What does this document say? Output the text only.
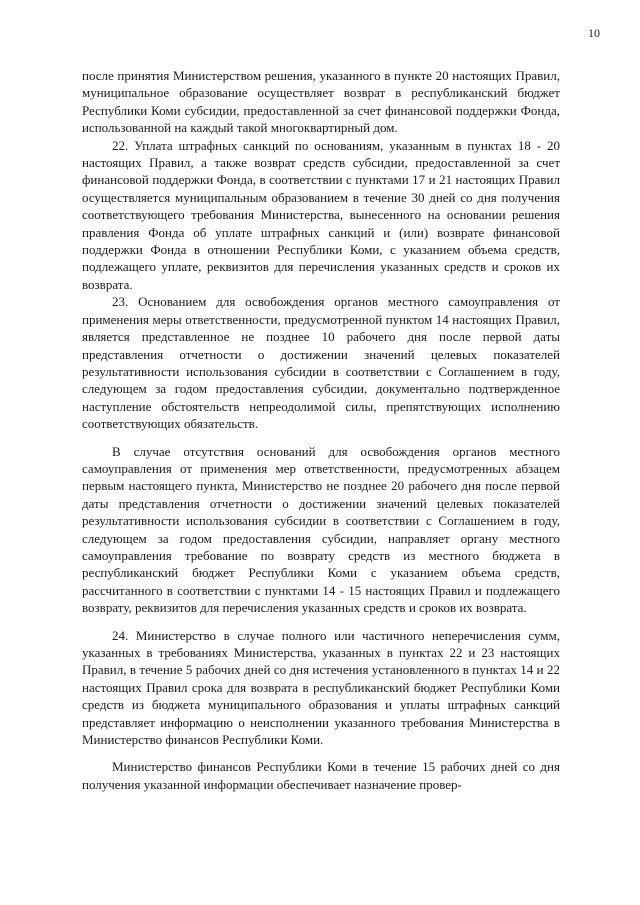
10

после принятия Министерством решения, указанного в пункте 20 настоящих Правил, муниципальное образование осуществляет возврат в республиканский бюджет Республики Коми субсидии, предоставленной за счет финансовой поддержки Фонда, использованной на каждый такой многоквартирный дом.

22. Уплата штрафных санкций по основаниям, указанным в пунктах 18 - 20 настоящих Правил, а также возврат средств субсидии, предоставленной за счет финансовой поддержки Фонда, в соответствии с пунктами 17 и 21 настоящих Правил осуществляется муниципальным образованием в течение 30 дней со дня получения соответствующего требования Министерства, вынесенного на основании решения правления Фонда об уплате штрафных санкций и (или) возврате финансовой поддержки Фонда в отношении Республики Коми, с указанием объема средств, подлежащего уплате, реквизитов для перечисления указанных средств и сроков их возврата.

23. Основанием для освобождения органов местного самоуправления от применения меры ответственности, предусмотренной пунктом 14 настоящих Правил, является представленное не позднее 10 рабочего дня после первой даты представления отчетности о достижении значений целевых показателей результативности использования субсидии в соответствии с Соглашением в году, следующем за годом предоставления субсидии, документально подтвержденное наступление обстоятельств непреодолимой силы, препятствующих исполнению соответствующих обязательств.

В случае отсутствия оснований для освобождения органов местного самоуправления от применения мер ответственности, предусмотренных абзацем первым настоящего пункта, Министерство не позднее 20 рабочего дня после первой даты представления отчетности о достижении значений целевых показателей результативности использования субсидии в соответствии с Соглашением в году, следующем за годом предоставления субсидии, направляет органу местного самоуправления требование по возврату средств из местного бюджета в республиканский бюджет Республики Коми с указанием объема средств, рассчитанного в соответствии с пунктами 14 - 15 настоящих Правил и подлежащего возврату, реквизитов для перечисления указанных средств и сроков их возврата.

24. Министерство в случае полного или частичного неперечисления сумм, указанных в требованиях Министерства, указанных в пунктах 22 и 23 настоящих Правил, в течение 5 рабочих дней со дня истечения установленного в пунктах 14 и 22 настоящих Правил срока для возврата в республиканский бюджет Республики Коми средств из бюджета муниципального образования и уплаты штрафных санкций представляет информацию о неисполнении указанного требования Министерства в Министерство финансов Республики Коми.

Министерство финансов Республики Коми в течение 15 рабочих дней со дня получения указанной информации обеспечивает назначение провер-
